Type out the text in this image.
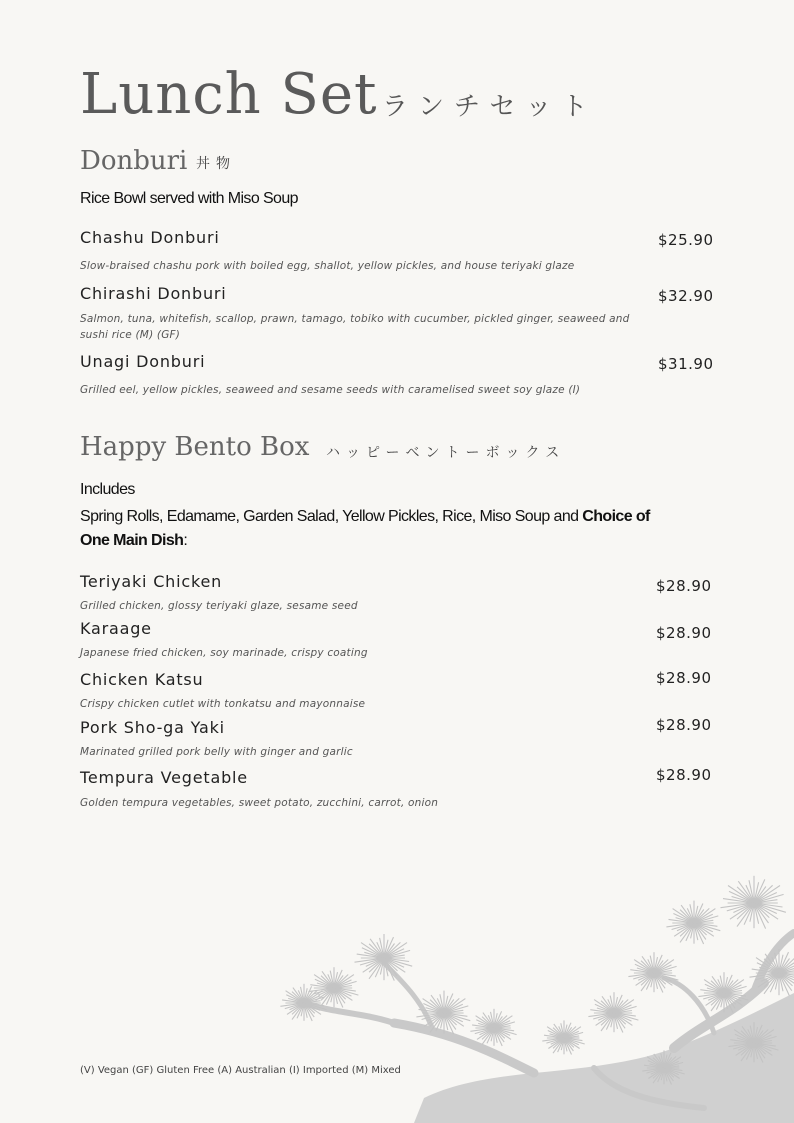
Lunch Set ランチセット
Donburi 丼物
Rice Bowl served with Miso Soup
Chashu Donburi	$25.90
Slow-braised chashu pork with boiled egg, shallot, yellow pickles, and house teriyaki glaze
Chirashi Donburi	$32.90
Salmon, tuna, whitefish, scallop, prawn, tamago, tobiko with cucumber, pickled ginger, seaweed and sushi rice (M) (GF)
Unagi Donburi	$31.90
Grilled eel, yellow pickles, seaweed and sesame seeds with caramelised sweet soy glaze (I)
Happy Bento Box ハッピーベントーボックス
Includes
Spring Rolls, Edamame, Garden Salad, Yellow Pickles, Rice, Miso Soup and Choice of One Main Dish:
Teriyaki Chicken	$28.90
Grilled chicken, glossy teriyaki glaze, sesame seed
Karaage	$28.90
Japanese fried chicken, soy marinade, crispy coating
Chicken Katsu	$28.90
Crispy chicken cutlet with tonkatsu and mayonnaise
Pork Sho-ga Yaki	$28.90
Marinated grilled pork belly with ginger and garlic
Tempura Vegetable	$28.90
Golden tempura vegetables, sweet potato, zucchini, carrot, onion
(V) Vegan (GF) Gluten Free (A) Australian (I) Imported (M) Mixed
